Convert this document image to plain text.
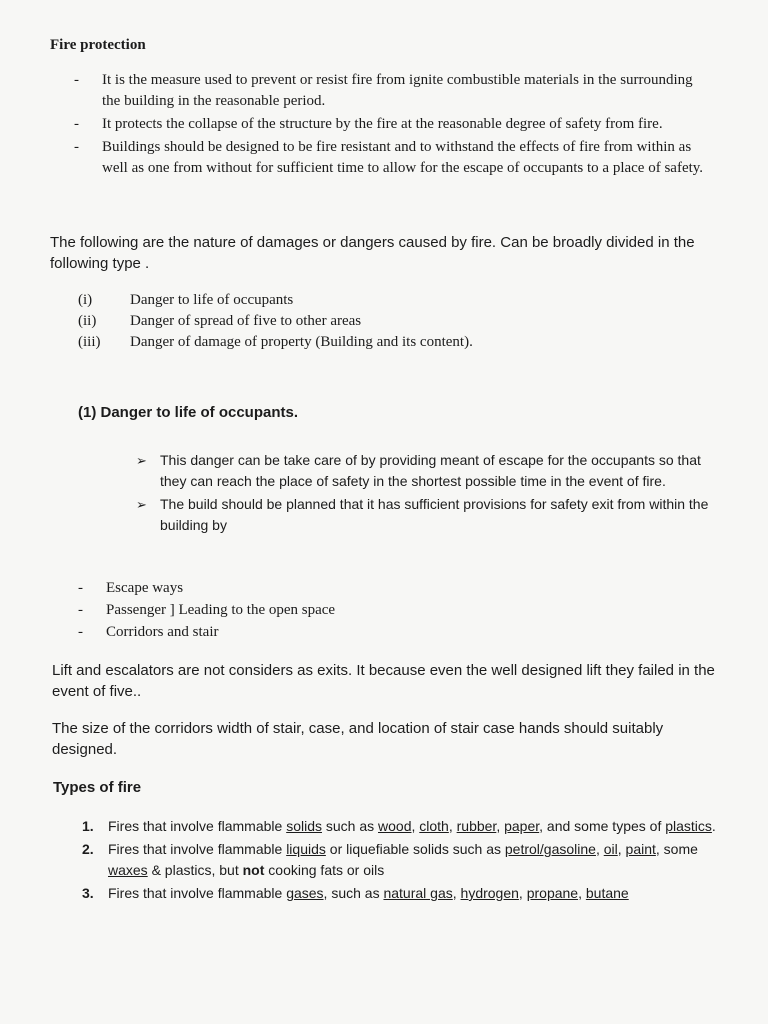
Fire protection
-	It is the measure used to prevent or resist fire from ignite combustible materials in the surrounding the building in the reasonable period.
-	It protects the collapse of the structure by the fire at the reasonable degree of safety from fire.
-	Buildings should be designed to be fire resistant and to withstand the effects of fire from within as well as one from without for sufficient time to allow for the escape of occupants to a place of safety.
The following are the nature of damages or dangers caused by fire. Can be broadly divided in the following type .
(i)	Danger to life of occupants
(ii)	Danger of spread of five to other areas
(iii)	Danger of damage of property (Building and its content).
(1) Danger to life of occupants.
➢ This danger can be take care of by providing meant of escape for the occupants so that they can reach the place of safety in the shortest possible time in the event of fire.
➢ The build should be planned that it has sufficient provisions for safety exit from within the building by
-	Escape ways
-	Passenger ] Leading to the open space
-	Corridors and stair
Lift and escalators are not considers as exits. It because even the well designed lift they failed in the event of five..
The size of the corridors width of stair, case, and location of stair case hands should suitably designed.
Types of fire
1.	Fires that involve flammable solids such as wood, cloth, rubber, paper, and some types of plastics.
2.	Fires that involve flammable liquids or liquefiable solids such as petrol/gasoline, oil, paint, some waxes & plastics, but not cooking fats or oils
3.	Fires that involve flammable gases, such as natural gas, hydrogen, propane, butane
